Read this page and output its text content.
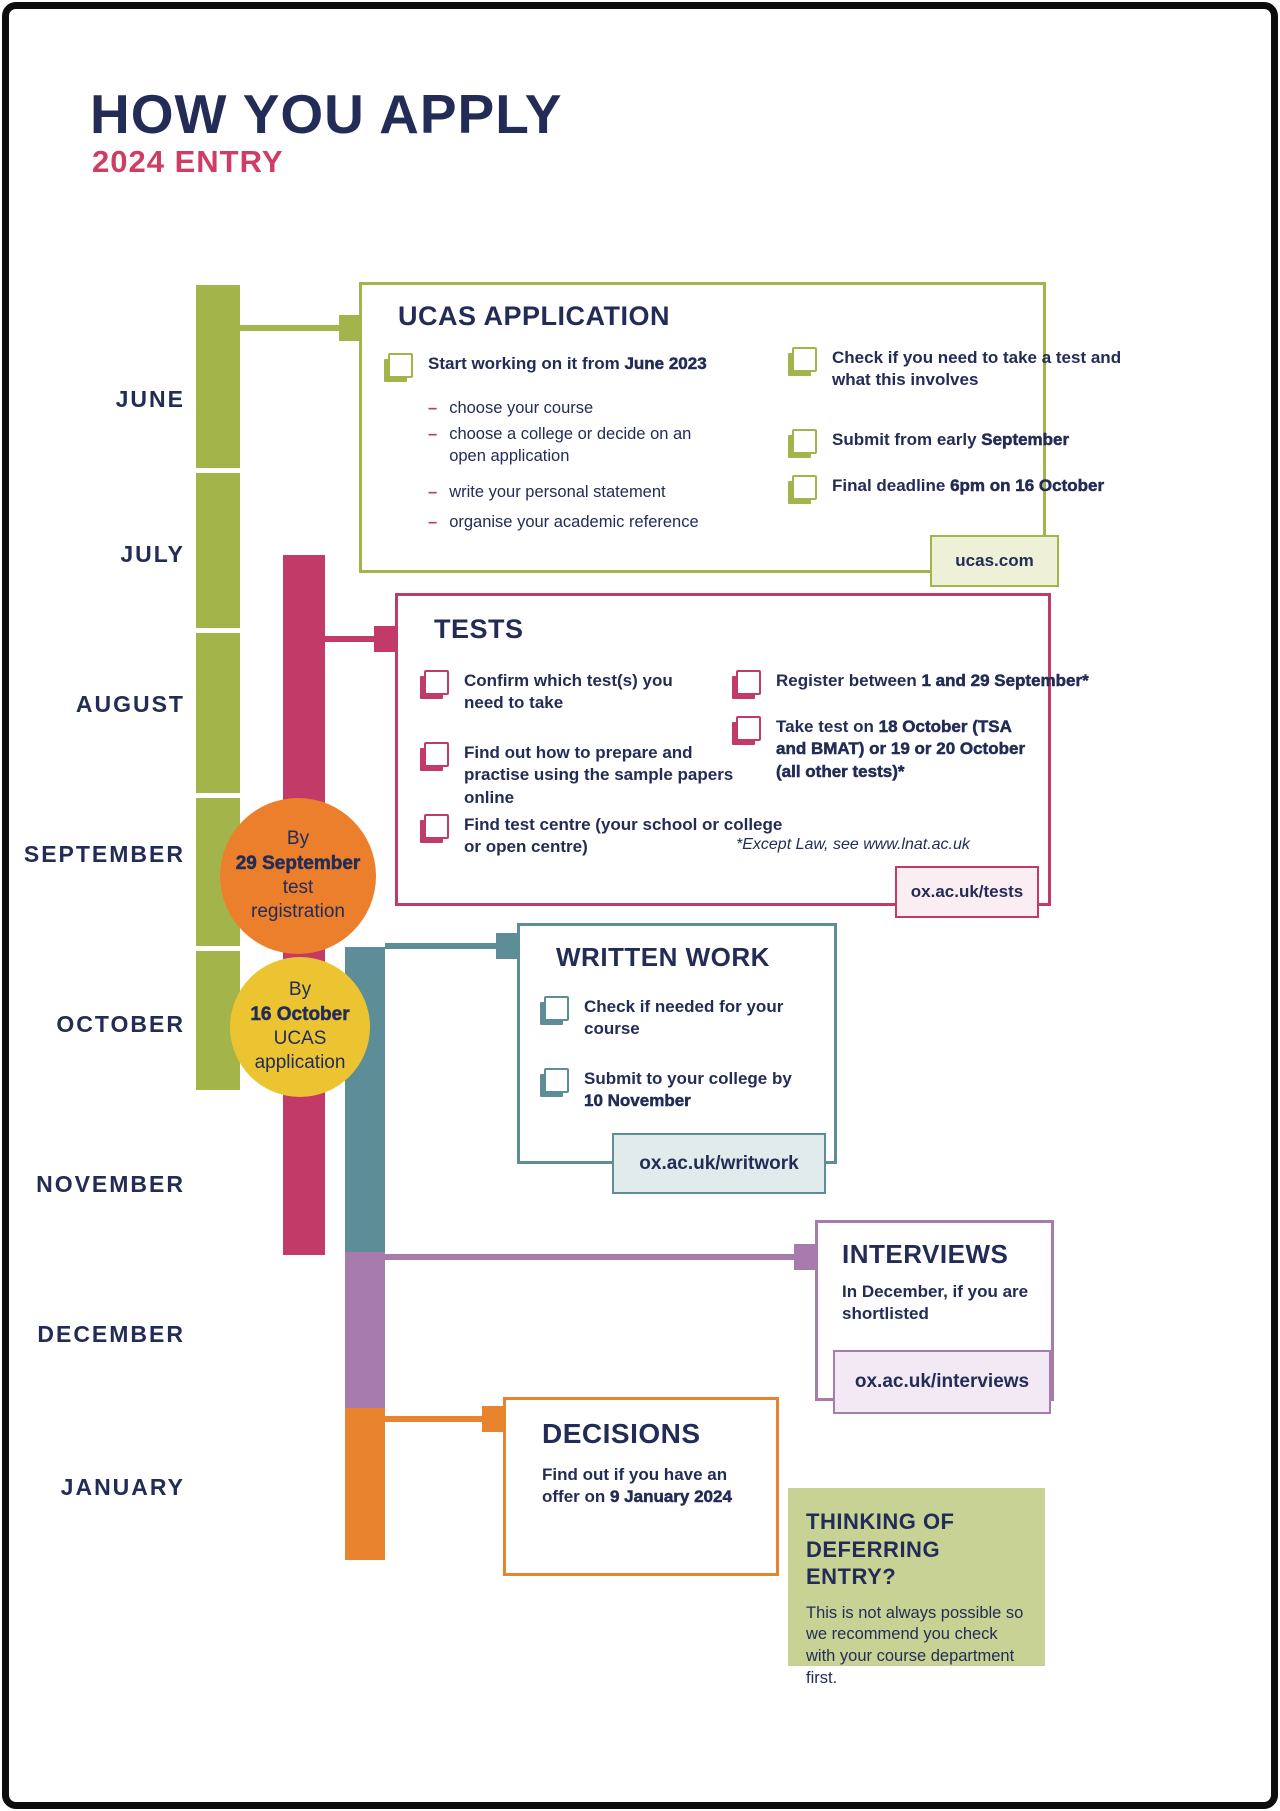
HOW YOU APPLY
2024 ENTRY
JUNE
JULY
AUGUST
SEPTEMBER
OCTOBER
NOVEMBER
DECEMBER
JANUARY
UCAS APPLICATION
Start working on it from June 2023
– choose your course
– choose a college or decide on an open application
– write your personal statement
– organise your academic reference
Check if you need to take a test and what this involves
Submit from early September
Final deadline 6pm on 16 October
ucas.com
TESTS
Confirm which test(s) you need to take
Find out how to prepare and practise using the sample papers online
Find test centre (your school or college or open centre)
Register between 1 and 29 September*
Take test on 18 October (TSA and BMAT) or 19 or 20 October (all other tests)*
*Except Law, see www.lnat.ac.uk
ox.ac.uk/tests
WRITTEN WORK
Check if needed for your course
Submit to your college by 10 November
ox.ac.uk/writwork
INTERVIEWS
In December, if you are shortlisted
ox.ac.uk/interviews
DECISIONS
Find out if you have an offer on 9 January 2024
By
29 September
test
registration
By
16 October
UCAS
application
THINKING OF
DEFERRING ENTRY?
This is not always possible so we recommend you check with your course department first.
